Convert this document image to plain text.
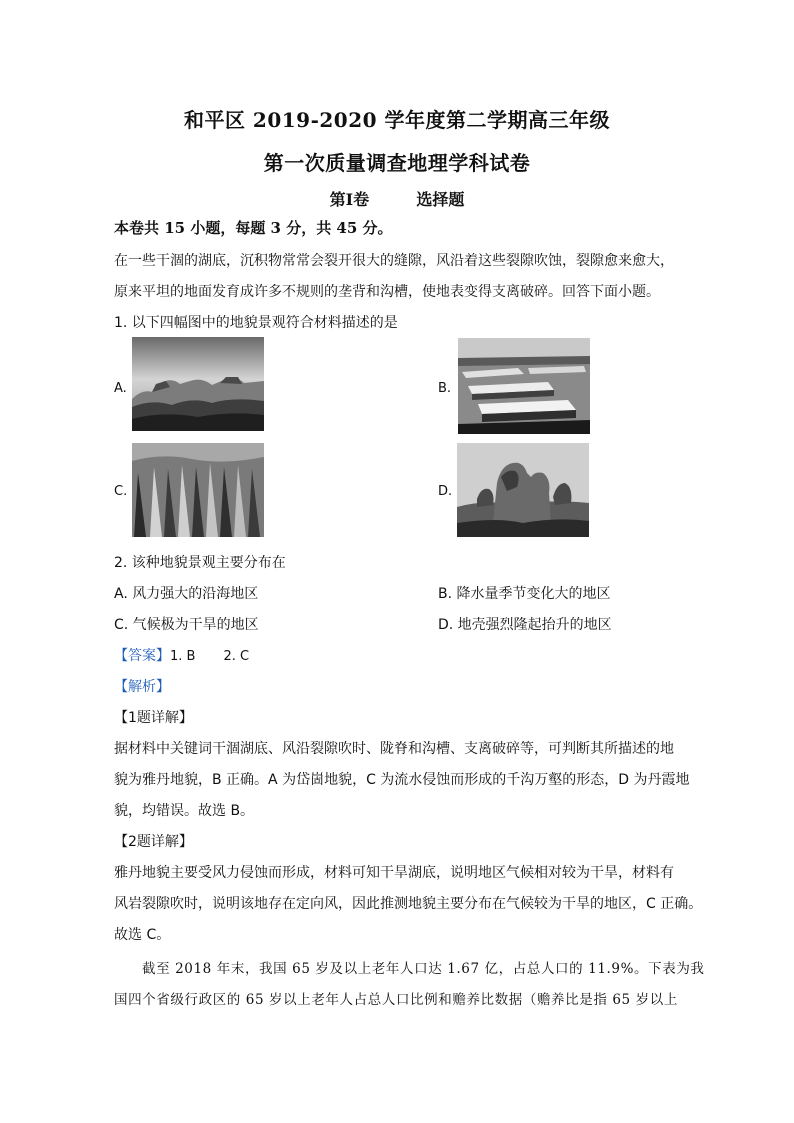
和平区 2019-2020 学年度第二学期高三年级
第一次质量调查地理学科试卷
第Ⅰ卷	选择题
本卷共 15 小题，每题 3 分，共 45 分。
在一些干涸的湖底，沉积物常常会裂开很大的缝隙，风沿着这些裂隙吹蚀，裂隙愈来愈大，
原来平坦的地面发育成许多不规则的垄背和沟槽，使地表变得支离破碎。回答下面小题。
1. 以下四幅图中的地貌景观符合材料描述的是
A.	B.
C.	D.
2. 该种地貌景观主要分布在
A. 风力强大的沿海地区	B. 降水量季节变化大的地区
C. 气候极为干旱的地区	D. 地壳强烈隆起抬升的地区
【答案】1. B 2. C
【解析】
【1题详解】
据材料中关键词干涸湖底、风沿裂隙吹时、陇脊和沟槽、支离破碎等，可判断其所描述的地
貌为雅丹地貌，B 正确。A 为岱崮地貌，C 为流水侵蚀而形成的千沟万壑的形态，D 为丹霞地
貌，均错误。故选 B。
【2题详解】
雅丹地貌主要受风力侵蚀而形成，材料可知干旱湖底，说明地区气候相对较为干旱，材料有
风岩裂隙吹时，说明该地存在定向风，因此推测地貌主要分布在气候较为干旱的地区，C 正确。
故选 C。
截至 2018 年末，我国 65 岁及以上老年人口达 1.67 亿，占总人口的 11.9%。下表为我
国四个省级行政区的 65 岁以上老年人占总人口比例和赡养比数据（赡养比是指 65 岁以上
